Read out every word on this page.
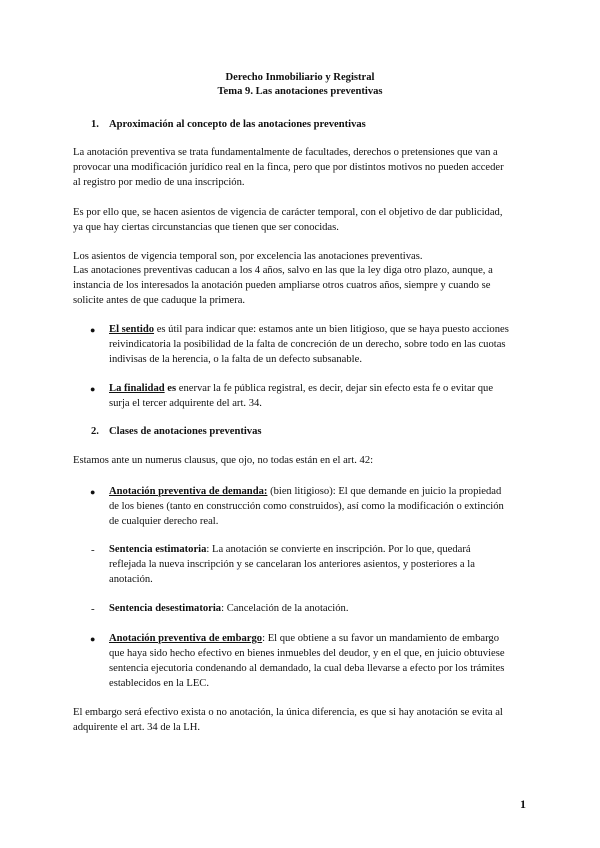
Derecho Inmobiliario y Registral
Tema 9. Las anotaciones preventivas
1. Aproximación al concepto de las anotaciones preventivas
La anotación preventiva se trata fundamentalmente de facultades, derechos o pretensiones que van a
provocar una modificación jurídico real en la finca, pero que por distintos motivos no pueden acceder
al registro por medio de una inscripción.
Es por ello que, se hacen asientos de vigencia de carácter temporal, con el objetivo de dar publicidad,
ya que hay ciertas circunstancias que tienen que ser conocidas.
Los asientos de vigencia temporal son, por excelencia las anotaciones preventivas.
Las anotaciones preventivas caducan a los 4 años, salvo en las que la ley diga otro plazo, aunque, a
instancia de los interesados la anotación pueden ampliarse otros cuatros años, siempre y cuando se
solicite antes de que caduque la primera.
● El sentido es útil para indicar que: estamos ante un bien litigioso, que se haya puesto acciones
reivindicatoria la posibilidad de la falta de concreción de un derecho, sobre todo en las cuotas
indivisas de la herencia, o la falta de un defecto subsanable.
● La finalidad es enervar la fe pública registral, es decir, dejar sin efecto esta fe o evitar que
surja el tercer adquirente del art. 34.
2. Clases de anotaciones preventivas
Estamos ante un numerus clausus, que ojo, no todas están en el art. 42:
● Anotación preventiva de demanda: (bien litigioso): El que demande en juicio la propiedad
de los bienes (tanto en construcción como construidos), así como la modificación o extinción
de cualquier derecho real.
- Sentencia estimatoria: La anotación se convierte en inscripción. Por lo que, quedará
reflejada la nueva inscripción y se cancelaran los anteriores asientos, y posteriores a la
anotación.
- Sentencia desestimatoria: Cancelación de la anotación.
● Anotación preventiva de embargo: El que obtiene a su favor un mandamiento de embargo
que haya sido hecho efectivo en bienes inmuebles del deudor, y en el que, en juicio obtuviese
sentencia ejecutoria condenando al demandado, la cual deba llevarse a efecto por los trámites
establecidos en la LEC.
El embargo será efectivo exista o no anotación, la única diferencia, es que si hay anotación se evita al
adquirente el art. 34 de la LH.
1
